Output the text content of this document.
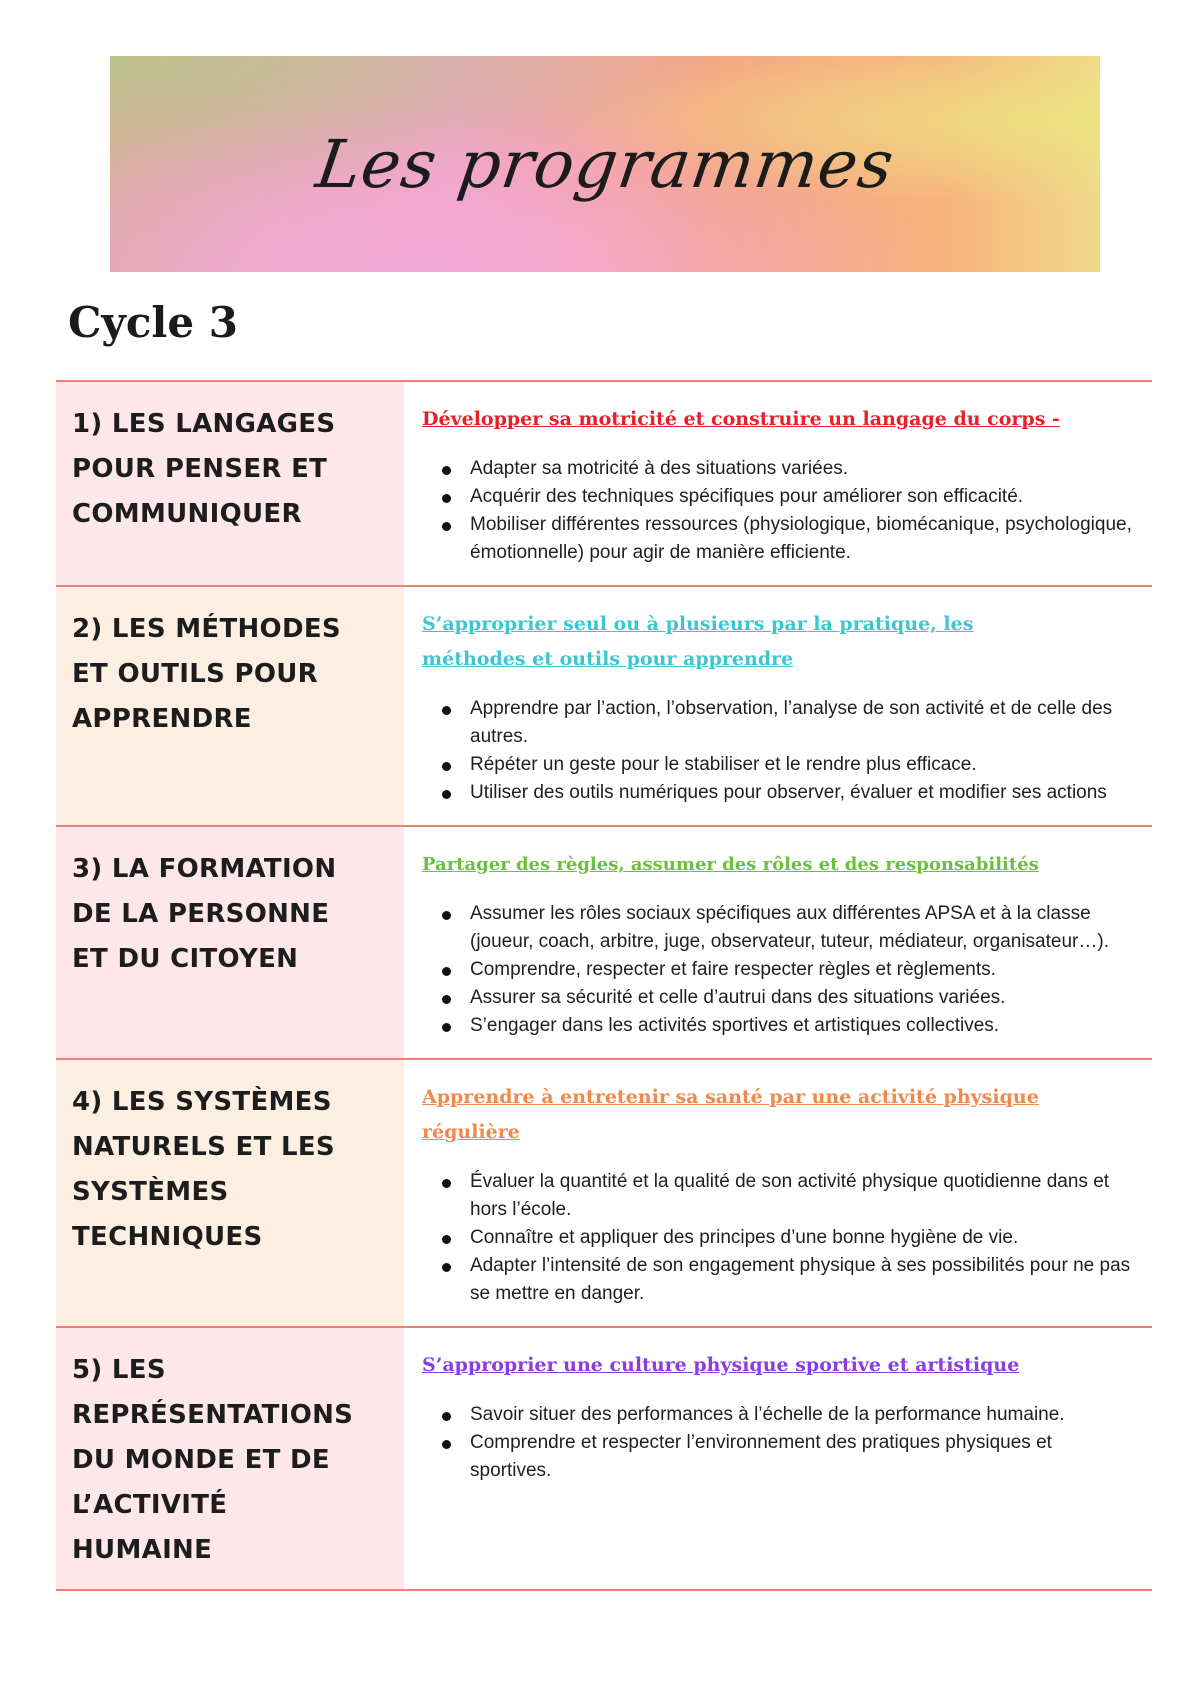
Les programmes
Cycle 3
1) LES LANGAGES POUR PENSER ET COMMUNIQUER
Développer sa motricité et construire un langage du corps -
Adapter sa motricité à des situations variées.
Acquérir des techniques spécifiques pour améliorer son efficacité.
Mobiliser différentes ressources (physiologique, biomécanique, psychologique, émotionnelle) pour agir de manière efficiente.
2) LES MÉTHODES ET OUTILS POUR APPRENDRE
S’approprier seul ou à plusieurs par la pratique, les méthodes et outils pour apprendre
Apprendre par l’action, l’observation, l’analyse de son activité et de celle des autres.
Répéter un geste pour le stabiliser et le rendre plus efficace.
Utiliser des outils numériques pour observer, évaluer et modifier ses actions
3) LA FORMATION DE LA PERSONNE ET DU CITOYEN
Partager des règles, assumer des rôles et des responsabilités
Assumer les rôles sociaux spécifiques aux différentes APSA et à la classe (joueur, coach, arbitre, juge, observateur, tuteur, médiateur, organisateur…).
Comprendre, respecter et faire respecter règles et règlements.
Assurer sa sécurité et celle d’autrui dans des situations variées.
S’engager dans les activités sportives et artistiques collectives.
4) LES SYSTÈMES NATURELS ET LES SYSTÈMES TECHNIQUES
Apprendre à entretenir sa santé par une activité physique régulière
Évaluer la quantité et la qualité de son activité physique quotidienne dans et hors l’école.
Connaître et appliquer des principes d’une bonne hygiène de vie.
Adapter l’intensité de son engagement physique à ses possibilités pour ne pas se mettre en danger.
5) LES REPRÉSENTATIONS DU MONDE ET DE L’ACTIVITÉ HUMAINE
S’approprier une culture physique sportive et artistique
Savoir situer des performances à l’échelle de la performance humaine.
Comprendre et respecter l’environnement des pratiques physiques et sportives.
